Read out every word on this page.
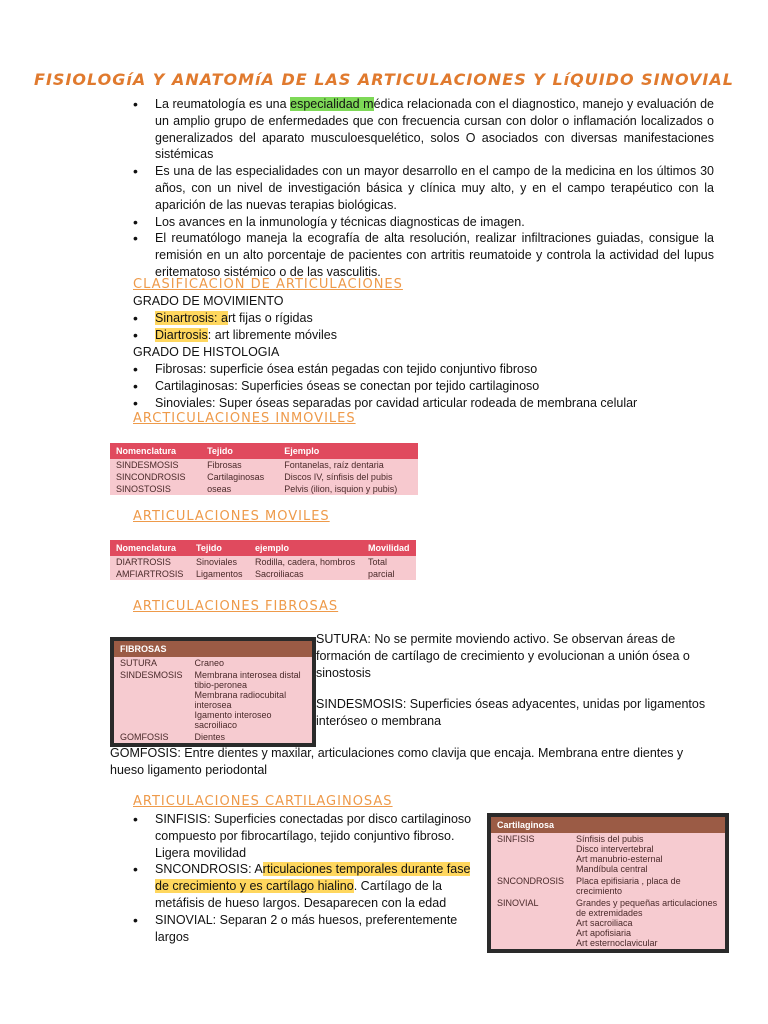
FISIOLOGíA Y ANATOMíA DE LAS ARTICULACIONES Y LíQUIDO SINOVIAL
• La reumatología es una especialidad médica relacionada con el diagnostico, manejo y evaluación de un amplio grupo de enfermedades que con frecuencia cursan con dolor o inflamación localizados o generalizados del aparato musculoesquelético, solos O asociados con diversas manifestaciones sistémicas
• Es una de las especialidades con un mayor desarrollo en el campo de la medicina en los últimos 30 años, con un nivel de investigación básica y clínica muy alto, y en el campo terapéutico con la aparición de las nuevas terapias biológicas.
• Los avances en la inmunología y técnicas diagnosticas de imagen.
• El reumatólogo maneja la ecografía de alta resolución, realizar infiltraciones guiadas, consigue la remisión en un alto porcentaje de pacientes con artritis reumatoide y controla la actividad del lupus eritematoso sistémico o de las vasculitis.
CLASIFICACION DE ARTICULACIONES
GRADO DE MOVIMIENTO
• Sinartrosis: art fijas o rígidas
• Diartrosis: art libremente móviles
GRADO DE HISTOLOGIA
• Fibrosas: superficie ósea están pegadas con tejido conjuntivo fibroso
• Cartilaginosas: Superficies óseas se conectan por tejido cartilaginoso
• Sinoviales: Super óseas separadas por cavidad articular rodeada de membrana celular
ARCTICULACIONES INMOVILES
Nomenclatura	Tejido	Ejemplo
SINDESMOSIS	Fibrosas	Fontanelas, raíz dentaria
SINCONDROSIS	Cartilaginosas	Discos IV, sínfisis del pubis
SINOSTOSIS	oseas	Pelvis (ilion, isquion y pubis)
ARTICULACIONES MOVILES
Nomenclatura	Tejido	ejemplo	Movilidad
DIARTROSIS	Sinoviales	Rodilla, cadera, hombros	Total
AMFIARTROSIS	Ligamentos	Sacroiliacas	parcial
ARTICULACIONES FIBROSAS
FIBROSAS	
SUTURA	Craneo
SINDESMOSIS	Membrana interosea distal tibio-peronea
Membrana radiocubital interosea
Igamento interoseo sacroiliaco
GOMFOSIS	Dientes
SUTURA: No se permite moviendo activo. Se observan áreas de formación de cartílago de crecimiento y evolucionan a unión ósea o sinostosis
SINDESMOSIS: Superficies óseas adyacentes, unidas por ligamentos interóseo o membrana
GOMFOSIS: Entre dientes y maxilar, articulaciones como clavija que encaja. Membrana entre dientes y hueso ligamento periodontal
ARTICULACIONES CARTILAGINOSAS
• SINFISIS: Superficies conectadas por disco cartilaginoso compuesto por fibrocartílago, tejido conjuntivo fibroso. Ligera movilidad
• SNCONDROSIS: Articulaciones temporales durante fase de crecimiento y es cartílago hialino. Cartílago de la metáfisis de hueso largos. Desaparecen con la edad
• SINOVIAL: Separan 2 o más huesos, preferentemente largos
Cartilaginosa	
SINFISIS	Sínfisis del pubis
Disco intervertebral
Art manubrio-esternal
Mandíbula central
SNCONDROSIS	Placa epifisiaria , placa de crecimiento
SINOVIAL	Grandes y pequeñas articulaciones de extremidades
Art sacroiliaca
Art apofisiaria
Art esternoclavicular
